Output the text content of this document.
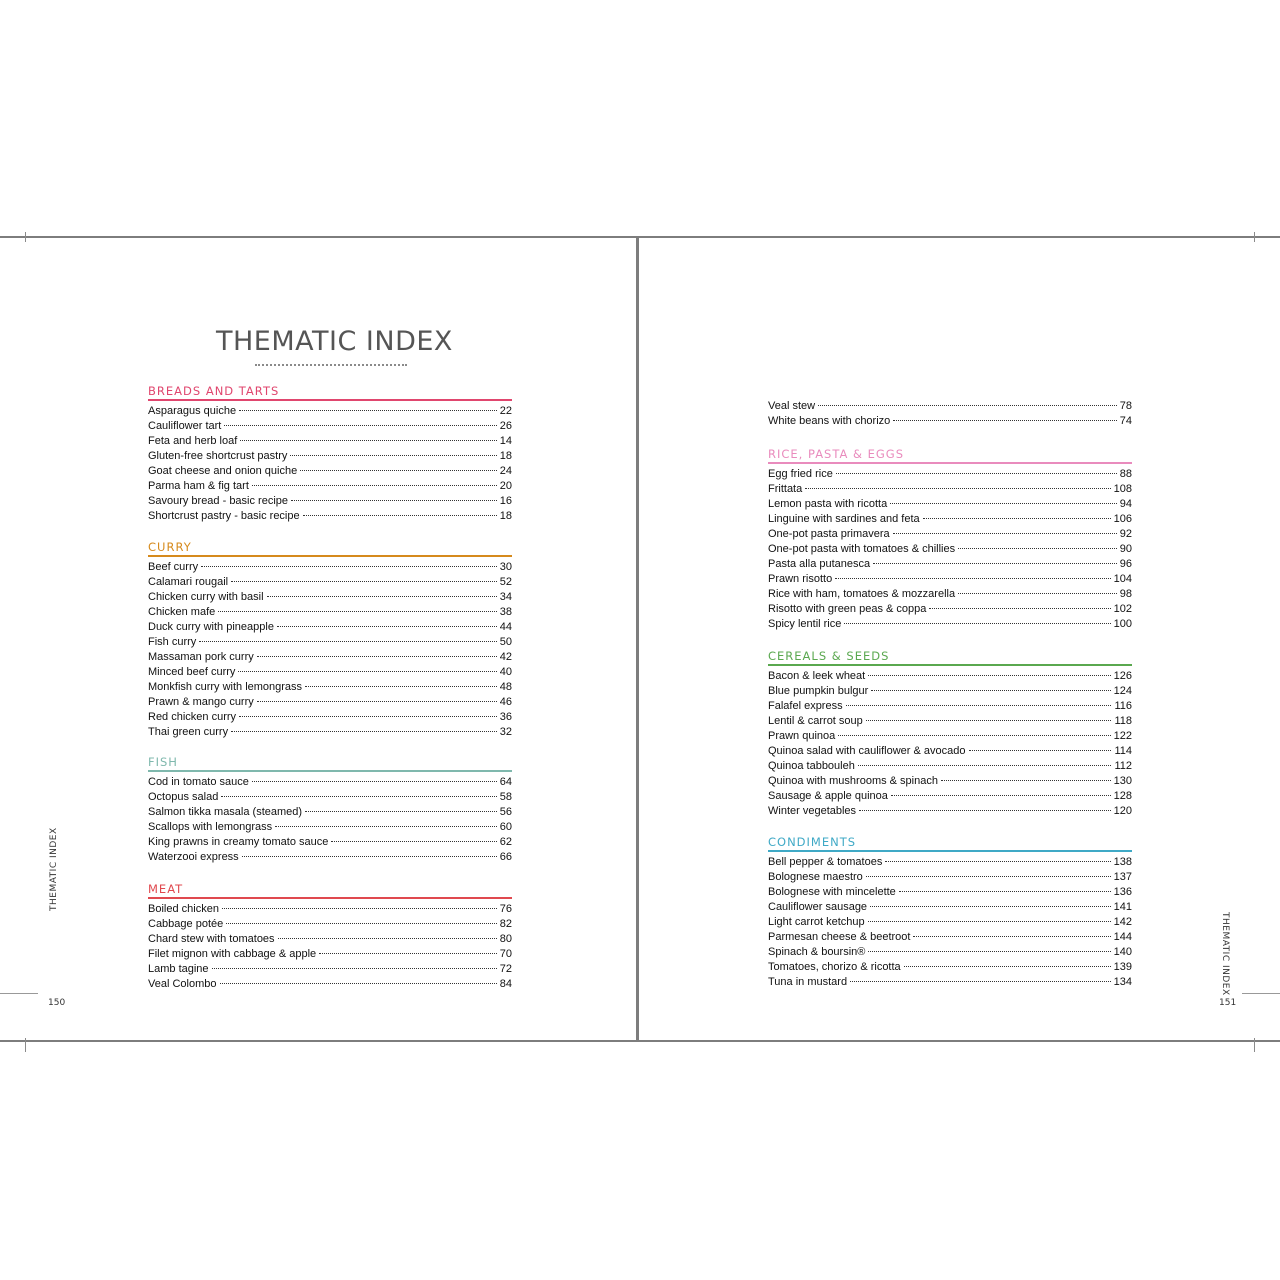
THEMATIC INDEX
BREADS AND TARTS
Asparagus quiche	22
Cauliflower tart	26
Feta and herb loaf	14
Gluten-free shortcrust pastry	18
Goat cheese and onion quiche	24
Parma ham & fig tart	20
Savoury bread - basic recipe	16
Shortcrust pastry - basic recipe	18
CURRY
Beef curry	30
Calamari rougail	52
Chicken curry with basil	34
Chicken mafe	38
Duck curry with pineapple	44
Fish curry	50
Massaman pork curry	42
Minced beef curry	40
Monkfish curry with lemongrass	48
Prawn & mango curry	46
Red chicken curry	36
Thai green curry	32
FISH
Cod in tomato sauce	64
Octopus salad	58
Salmon tikka masala (steamed)	56
Scallops with lemongrass	60
King prawns in creamy tomato sauce	62
Waterzooi express	66
MEAT
Boiled chicken	76
Cabbage potée	82
Chard stew with tomatoes	80
Filet mignon with cabbage & apple	70
Lamb tagine	72
Veal Colombo	84
THEMATIC INDEX
150
Veal stew	78
White beans with chorizo	74
RICE, PASTA & EGGS
Egg fried rice	88
Frittata	108
Lemon pasta with ricotta	94
Linguine with sardines and feta	106
One-pot pasta primavera	92
One-pot pasta with tomatoes & chillies	90
Pasta alla putanesca	96
Prawn risotto	104
Rice with ham, tomatoes & mozzarella	98
Risotto with green peas & coppa	102
Spicy lentil rice	100
CEREALS & SEEDS
Bacon & leek wheat	126
Blue pumpkin bulgur	124
Falafel express	116
Lentil & carrot soup	118
Prawn quinoa	122
Quinoa salad with cauliflower & avocado	114
Quinoa tabbouleh	112
Quinoa with mushrooms & spinach	130
Sausage & apple quinoa	128
Winter vegetables	120
CONDIMENTS
Bell pepper & tomatoes	138
Bolognese maestro	137
Bolognese with mincelette	136
Cauliflower sausage	141
Light carrot ketchup	142
Parmesan cheese & beetroot	144
Spinach & boursin®	140
Tomatoes, chorizo & ricotta	139
Tuna in mustard	134	THEMATIC INDEX
151
